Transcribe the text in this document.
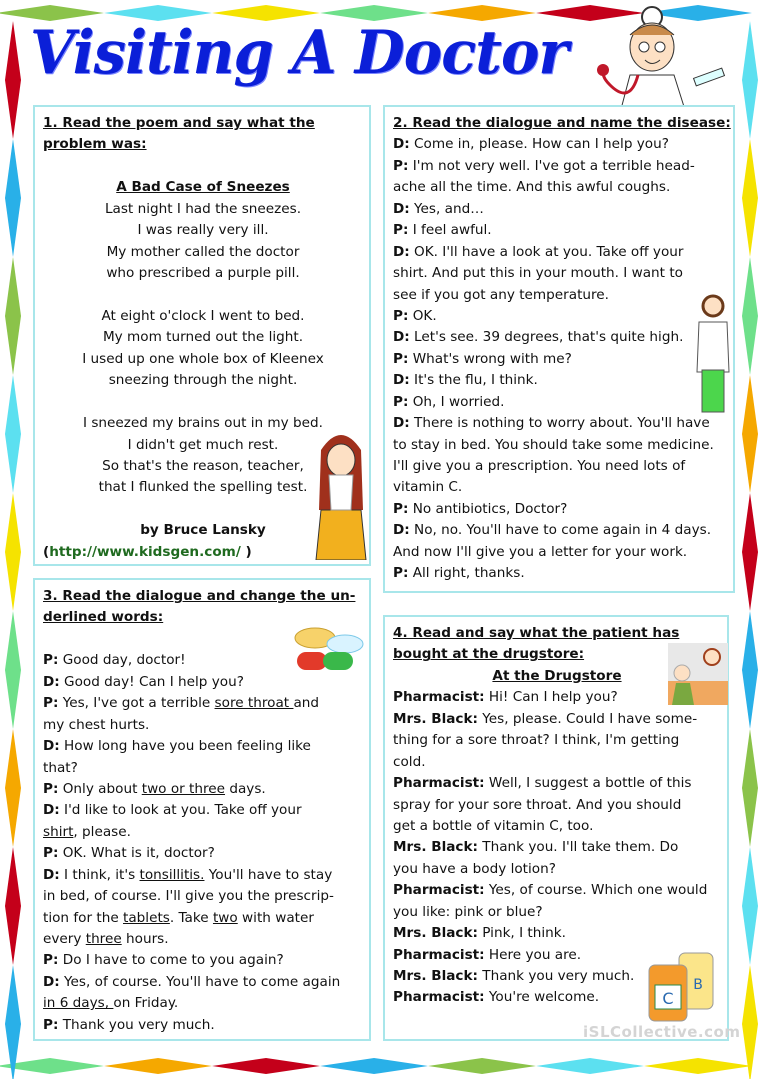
Visiting A Doctor
1. Read the poem and say what the
problem was:
A Bad Case of Sneezes
Last night I had the sneezes.
I was really very ill.
My mother called the doctor
who prescribed a purple pill.
At eight o'clock I went to bed.
My mom turned out the light.
I used up one whole box of Kleenex
sneezing through the night.
I sneezed my brains out in my bed.
I didn't get much rest.
So that's the reason, teacher,
that I flunked the spelling test.
by Bruce Lansky
(http://www.kidsgen.com/ )
2. Read the dialogue and name the disease:
D: Come in, please. How can I help you?
P: I'm not very well. I've got a terrible head-
ache all the time. And this awful coughs.
D: Yes, and…
P: I feel awful.
D: OK. I'll have a look at you. Take off your
shirt. And put this in your mouth. I want to
see if you got any temperature.
P: OK.
D: Let's see. 39 degrees, that's quite high.
P: What's wrong with me?
D: It's the flu, I think.
P: Oh, I worried.
D: There is nothing to worry about. You'll have
to stay in bed. You should take some medicine.
I'll give you a prescription. You need lots of
vitamin C.
P: No antibiotics, Doctor?
D: No, no. You'll have to come again in 4 days.
And now I'll give you a letter for your work.
P: All right, thanks.
3. Read the dialogue and change the un-
derlined words:
P: Good day, doctor!
D: Good day! Can I help you?
P: Yes, I've got a terrible sore throat and
my chest hurts.
D: How long have you been feeling like
that?
P: Only about two or three days.
D: I'd like to look at you. Take off your
shirt, please.
P: OK. What is it, doctor?
D: I think, it's tonsillitis. You'll have to stay
in bed, of course. I'll give you the prescrip-
tion for the tablets. Take two with water
every three hours.
P: Do I have to come to you again?
D: Yes, of course. You'll have to come again
in 6 days, on Friday.
P: Thank you very much.
4. Read and say what the patient has
bought at the drugstore:
At the Drugstore
Pharmacist: Hi! Can I help you?
Mrs. Black: Yes, please. Could I have some-
thing for a sore throat? I think, I'm getting
cold.
Pharmacist: Well, I suggest a bottle of this
spray for your sore throat. And you should
get a bottle of vitamin C, too.
Mrs. Black: Thank you. I'll take them. Do
you have a body lotion?
Pharmacist: Yes, of course. Which one would
you like: pink or blue?
Mrs. Black: Pink, I think.
Pharmacist: Here you are.
Mrs. Black: Thank you very much.
Pharmacist: You're welcome.	C
B
iSLCollective.com
